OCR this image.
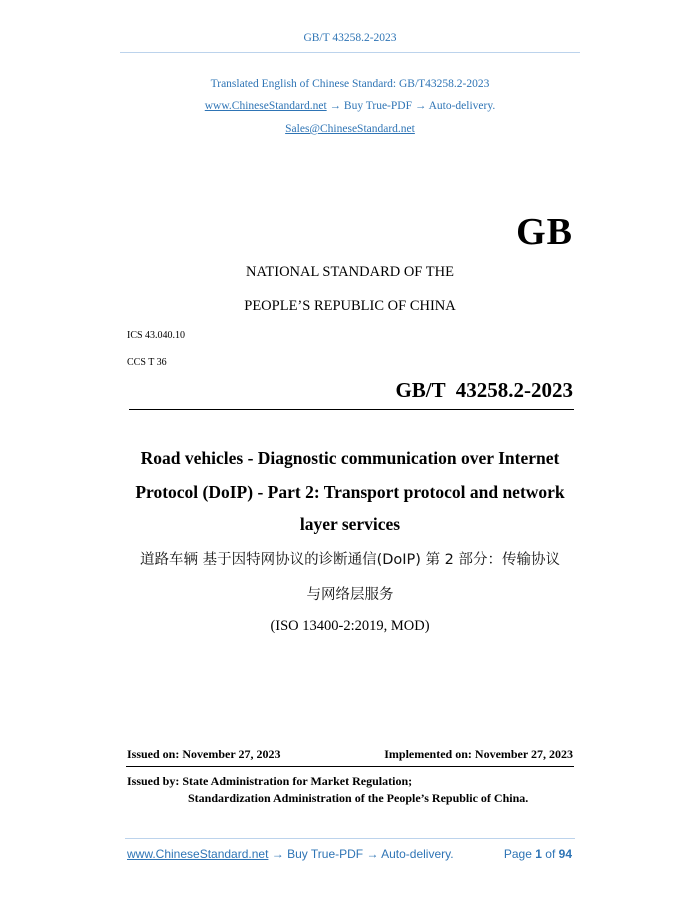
GB/T 43258.2-2023
Translated English of Chinese Standard: GB/T43258.2-2023
www.ChineseStandard.net → Buy True-PDF → Auto-delivery.
Sales@ChineseStandard.net
GB
NATIONAL STANDARD OF THE
PEOPLE’S REPUBLIC OF CHINA
ICS 43.040.10
CCS T 36
GB/T  43258.2-2023
Road vehicles - Diagnostic communication over Internet
Protocol (DoIP) - Part 2: Transport protocol and network
layer services
道路车辆 基于因特网协议的诊断通信(DoIP) 第 2 部分：传输协议
与网络层服务
(ISO 13400-2:2019, MOD)
Issued on: November 27, 2023	Implemented on: November 27, 2023
Issued by: State Administration for Market Regulation;
Standardization Administration of the People’s Republic of China.
www.ChineseStandard.net → Buy True-PDF → Auto-delivery.	Page 1 of 94
